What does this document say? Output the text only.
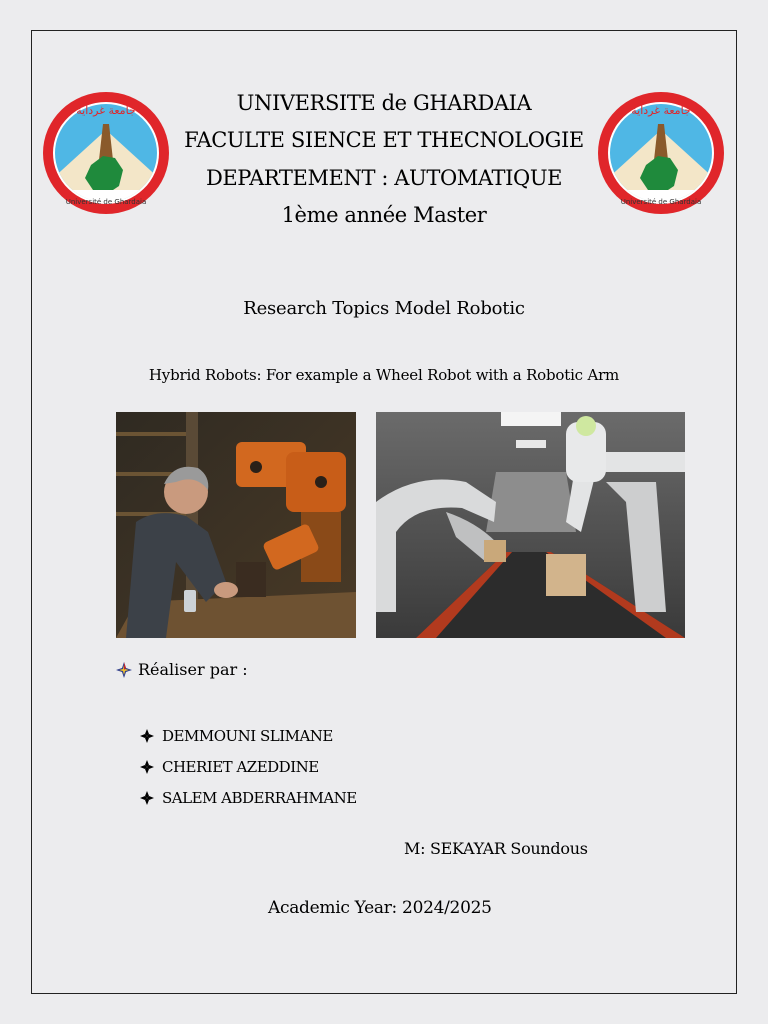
جامعة غرداية
Université de Ghardaia
جامعة غرداية
Université de Ghardaia
UNIVERSITE de GHARDAIA
FACULTE SIENCE ET THECNOLOGIE
DEPARTEMENT : AUTOMATIQUE
1ème année Master
Research Topics Model Robotic
Hybrid Robots: For example a Wheel Robot with a Robotic Arm
Réaliser par :
DEMMOUNI SLIMANE
CHERIET AZEDDINE
SALEM ABDERRAHMANE
M: SEKAYAR Soundous
Academic Year: 2024/2025
